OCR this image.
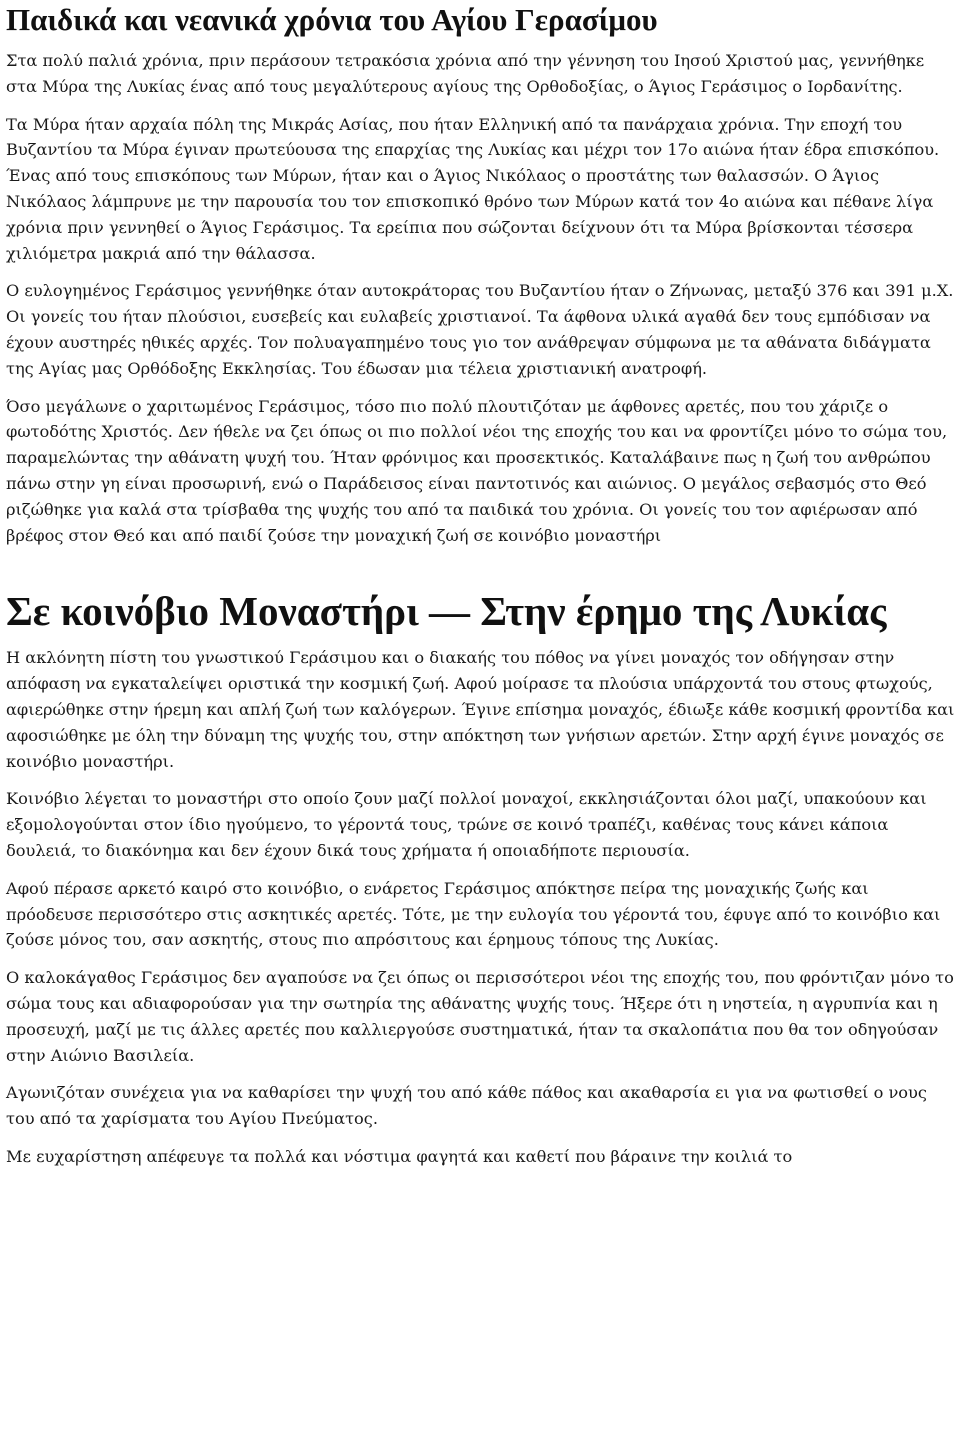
Παιδικά και νεανικά χρόνια του Αγίου Γερασίμου

Στα πολύ παλιά χρόνια, πριν περάσουν τετρακόσια χρόνια από την γέννηση του Ιησού Χριστού μας, γεννήθηκε στα Μύρα της Λυκίας ένας από τους μεγαλύτερους αγίους της Ορθοδοξίας, ο Άγιος Γεράσιμος ο Ιορδανίτης.

Τα Μύρα ήταν αρχαία πόλη της Μικράς Ασίας, που ήταν Ελληνική από τα πανάρχαια χρόνια. Την εποχή του Βυζαντίου τα Μύρα έγιναν πρωτεύουσα της επαρχίας της Λυκίας και μέχρι τον 17ο αιώνα ήταν έδρα επισκόπου. Ένας από τους επισκόπους των Μύρων, ήταν και ο Άγιος Νικόλαος ο προστάτης των θαλασσών. Ο Άγιος Νικόλαος λάμπρυνε με την παρουσία του τον επισκοπικό θρόνο των Μύρων κατά τον 4ο αιώνα και πέθανε λίγα χρόνια πριν γεννηθεί ο Άγιος Γεράσιμος. Τα ερείπια που σώζονται δείχνουν ότι τα Μύρα βρίσκονται τέσσερα χιλιόμετρα μακριά από την θάλασσα.

Ο ευλογημένος Γεράσιμος γεννήθηκε όταν αυτοκράτορας του Βυζαντίου ήταν ο Ζήνωνας, μεταξύ 376 και 391 μ.Χ. Οι γονείς του ήταν πλούσιοι, ευσεβείς και ευλαβείς χριστιανοί. Τα άφθονα υλικά αγαθά δεν τους εμπόδισαν να έχουν αυστηρές ηθικές αρχές. Τον πολυαγαπημένο τους γιο τον ανάθρεψαν σύμφωνα με τα αθάνατα διδάγματα της Αγίας μας Ορθόδοξης Εκκλησίας. Του έδωσαν μια τέλεια χριστιανική ανατροφή.

Όσο μεγάλωνε ο χαριτωμένος Γεράσιμος, τόσο πιο πολύ πλουτιζόταν με άφθονες αρετές, που του χάριζε ο φωτοδότης Χριστός. Δεν ήθελε να ζει όπως οι πιο πολλοί νέοι της εποχής του και να φροντίζει μόνο το σώμα του, παραμελώντας την αθάνατη ψυχή του. Ήταν φρόνιμος και προσεκτικός. Καταλάβαινε πως η ζωή του ανθρώπου πάνω στην γη είναι προσωρινή, ενώ ο Παράδεισος είναι παντοτινός και αιώνιος. Ο μεγάλος σεβασμός στο Θεό ριζώθηκε για καλά στα τρίσβαθα της ψυχής του από τα παιδικά του χρόνια. Οι γονείς του τον αφιέρωσαν από βρέφος στον Θεό και από παιδί ζούσε την μοναχική ζωή σε κοινόβιο μοναστήρι

Σε κοινόβιο Μοναστήρι — Στην έρημο της Λυκίας

Η ακλόνητη πίστη του γνωστικού Γεράσιμου και ο διακαής του πόθος να γίνει μοναχός τον οδήγησαν στην απόφαση να εγκαταλείψει οριστικά την κοσμική ζωή. Αφού μοίρασε τα πλούσια υπάρχοντά του στους φτωχούς, αφιερώθηκε στην ήρεμη και απλή ζωή των καλόγερων. Έγινε επίσημα μοναχός, έδιωξε κάθε κοσμική φροντίδα και αφοσιώθηκε με όλη την δύναμη της ψυχής του, στην απόκτηση των γνήσιων αρετών. Στην αρχή έγινε μοναχός σε κοινόβιο μοναστήρι.

Κοινόβιο λέγεται το μοναστήρι στο οποίο ζουν μαζί πολλοί μοναχοί, εκκλησιάζονται όλοι μαζί, υπακούουν και εξομολογούνται στον ίδιο ηγούμενο, το γέροντά τους, τρώνε σε κοινό τραπέζι, καθένας τους κάνει κάποια δουλειά, το διακόνημα και δεν έχουν δικά τους χρήματα ή οποιαδήποτε περιουσία.

Αφού πέρασε αρκετό καιρό στο κοινόβιο, ο ενάρετος Γεράσιμος απόκτησε πείρα της μοναχικής ζωής και πρόοδευσε περισσότερο στις ασκητικές αρετές. Τότε, με την ευλογία του γέροντά του, έφυγε από το κοινόβιο και ζούσε μόνος του, σαν ασκητής, στους πιο απρόσιτους και έρημους τόπους της Λυκίας.

Ο καλοκάγαθος Γεράσιμος δεν αγαπούσε να ζει όπως οι περισσότεροι νέοι της εποχής του, που φρόντιζαν μόνο το σώμα τους και αδιαφορούσαν για την σωτηρία της αθάνατης ψυχής τους. Ήξερε ότι η νηστεία, η αγρυπνία και η προσευχή, μαζί με τις άλλες αρετές που καλλιεργούσε συστηματικά, ήταν τα σκαλοπάτια που θα τον οδηγούσαν στην Αιώνιο Βασιλεία.

Αγωνιζόταν συνέχεια για να καθαρίσει την ψυχή του από κάθε πάθος και ακαθαρσία ει για να φωτισθεί ο νους του από τα χαρίσματα του Αγίου Πνεύματος.

Με ευχαρίστηση απέφευγε τα πολλά και νόστιμα φαγητά και καθετί που βάραινε την κοιλιά το
